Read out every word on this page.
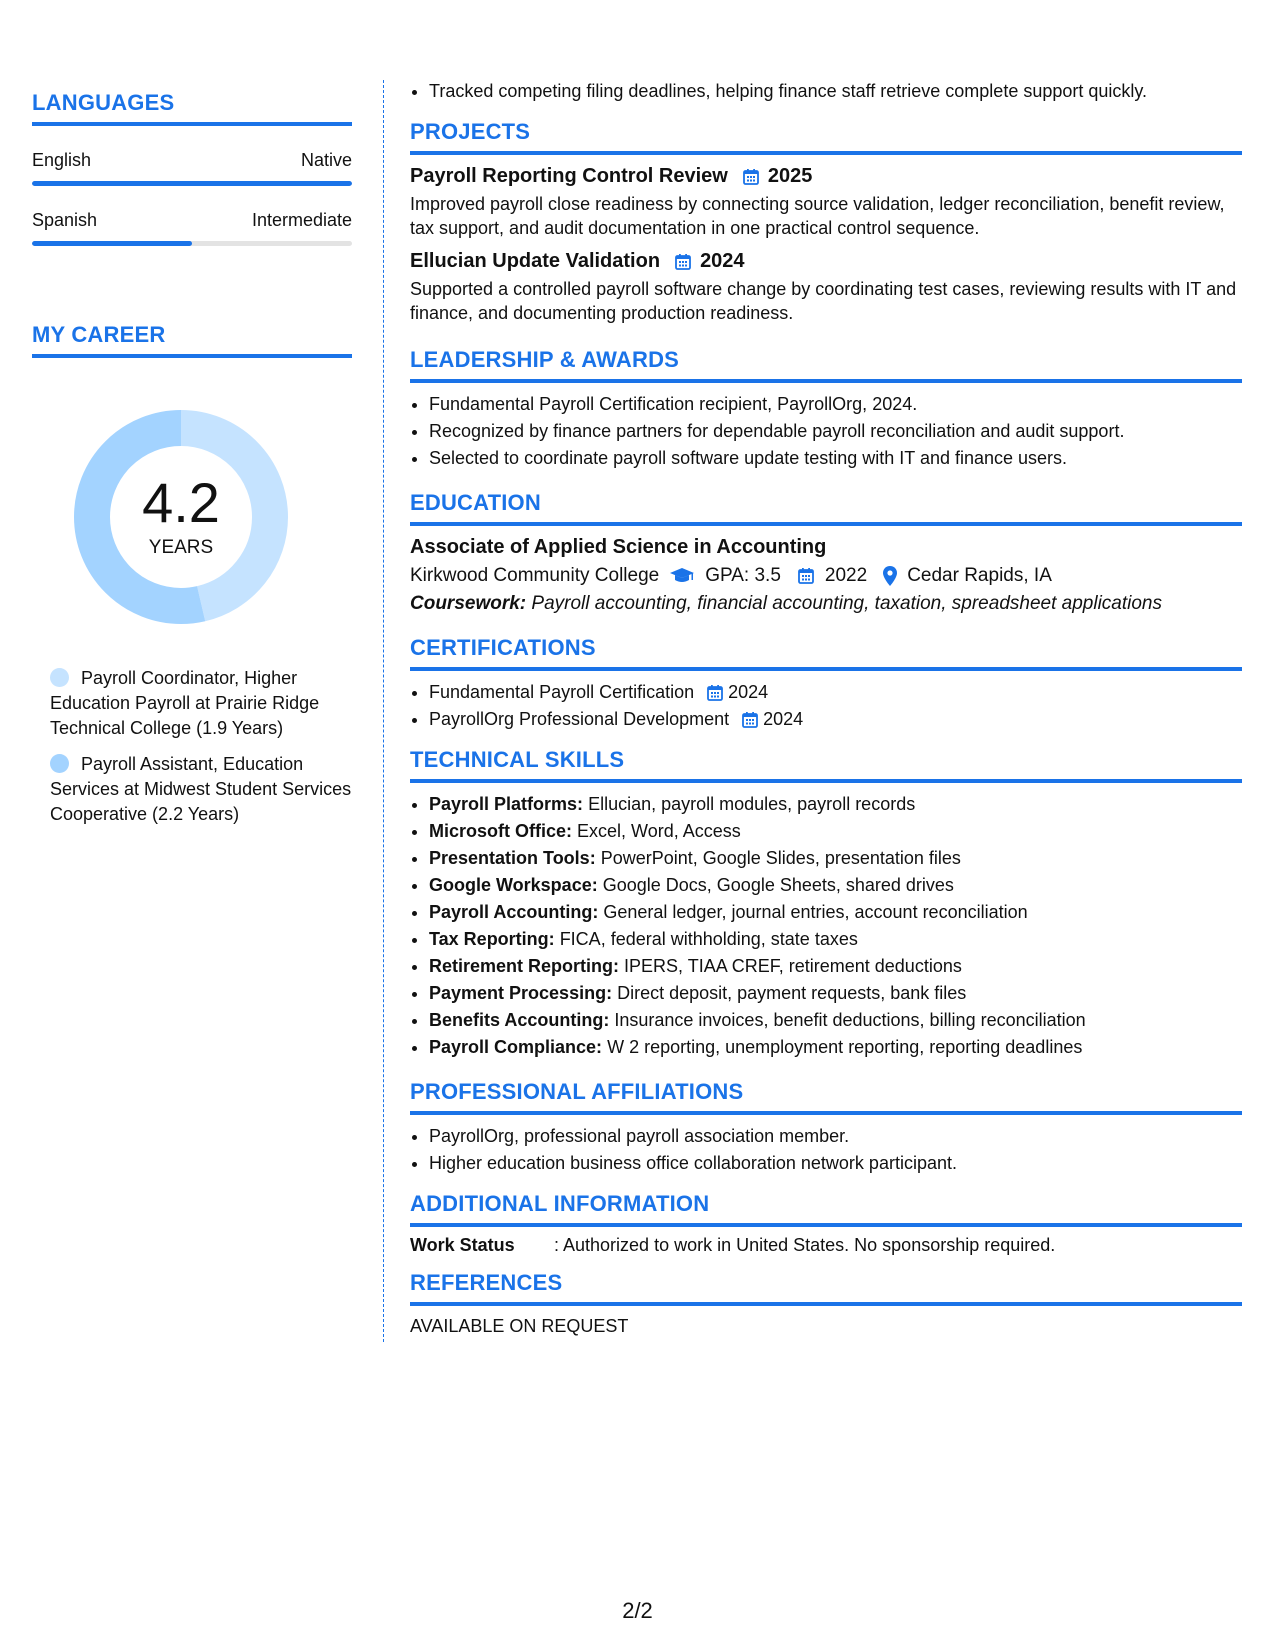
LANGUAGES
English	Native
Spanish	Intermediate
MY CAREER
4.2
YEARS
Payroll Coordinator, Higher Education Payroll at Prairie Ridge Technical College (1.9 Years)
Payroll Assistant, Education Services at Midwest Student Services Cooperative (2.2 Years)
• Tracked competing filing deadlines, helping finance staff retrieve complete support quickly.
PROJECTS
Payroll Reporting Control Review 2025
Improved payroll close readiness by connecting source validation, ledger reconciliation, benefit review, tax support, and audit documentation in one practical control sequence.
Ellucian Update Validation 2024
Supported a controlled payroll software change by coordinating test cases, reviewing results with IT and finance, and documenting production readiness.
LEADERSHIP & AWARDS
• Fundamental Payroll Certification recipient, PayrollOrg, 2024.
• Recognized by finance partners for dependable payroll reconciliation and audit support.
• Selected to coordinate payroll software update testing with IT and finance users.
EDUCATION
Associate of Applied Science in Accounting
Kirkwood Community College GPA: 3.5 2022 Cedar Rapids, IA
Coursework: Payroll accounting, financial accounting, taxation, spreadsheet applications
CERTIFICATIONS
• Fundamental Payroll Certification 2024
• PayrollOrg Professional Development 2024
TECHNICAL SKILLS
• Payroll Platforms: Ellucian, payroll modules, payroll records
• Microsoft Office: Excel, Word, Access
• Presentation Tools: PowerPoint, Google Slides, presentation files
• Google Workspace: Google Docs, Google Sheets, shared drives
• Payroll Accounting: General ledger, journal entries, account reconciliation
• Tax Reporting: FICA, federal withholding, state taxes
• Retirement Reporting: IPERS, TIAA CREF, retirement deductions
• Payment Processing: Direct deposit, payment requests, bank files
• Benefits Accounting: Insurance invoices, benefit deductions, billing reconciliation
• Payroll Compliance: W 2 reporting, unemployment reporting, reporting deadlines
PROFESSIONAL AFFILIATIONS
• PayrollOrg, professional payroll association member.
• Higher education business office collaboration network participant.
ADDITIONAL INFORMATION
Work Status : Authorized to work in United States. No sponsorship required.
REFERENCES
AVAILABLE ON REQUEST
2/2
